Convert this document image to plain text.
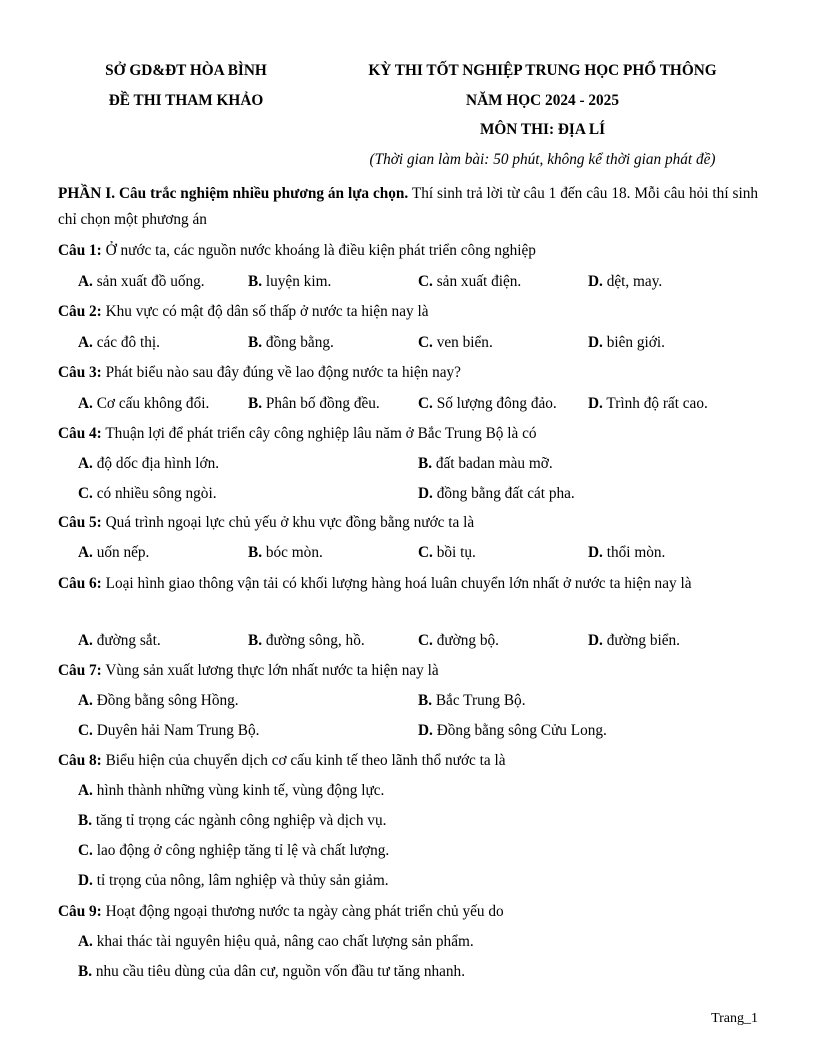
SỞ GD&ĐT HÒA BÌNH
ĐỀ THI THAM KHẢO
KỲ THI TỐT NGHIỆP TRUNG HỌC PHỔ THÔNG
NĂM HỌC 2024 - 2025
MÔN THI: ĐỊA LÍ
(Thời gian làm bài: 50 phút, không kể thời gian phát đề)
PHẦN I. Câu trắc nghiệm nhiều phương án lựa chọn. Thí sinh trả lời từ câu 1 đến câu 18. Mỗi câu hỏi thí sinh chỉ chọn một phương án
Câu 1: Ở nước ta, các nguồn nước khoáng là điều kiện phát triển công nghiệp
A. sản xuất đồ uống.	B. luyện kim.	C. sản xuất điện.	D. dệt, may.
Câu 2: Khu vực có mật độ dân số thấp ở nước ta hiện nay là
A. các đô thị.	B. đồng bằng.	C. ven biển.	D. biên giới.
Câu 3: Phát biểu nào sau đây đúng về lao động nước ta hiện nay?
A. Cơ cấu không đổi.	B. Phân bố đồng đều.	C. Số lượng đông đảo. D. Trình độ rất cao.
Câu 4: Thuận lợi để phát triển cây công nghiệp lâu năm ở Bắc Trung Bộ là có
A. độ dốc địa hình lớn.	B. đất badan màu mỡ.
C. có nhiều sông ngòi.	D. đồng bằng đất cát pha.
Câu 5: Quá trình ngoại lực chủ yếu ở khu vực đồng bằng nước ta là
A. uốn nếp.	B. bóc mòn.	C. bồi tụ.	D. thổi mòn.
Câu 6: Loại hình giao thông vận tải có khối lượng hàng hoá luân chuyển lớn nhất ở nước ta hiện nay là
A. đường sắt.	B. đường sông, hồ.	C. đường bộ.	D. đường biển.
Câu 7: Vùng sản xuất lương thực lớn nhất nước ta hiện nay là
A. Đồng bằng sông Hồng.	B. Bắc Trung Bộ.
C. Duyên hải Nam Trung Bộ.	D. Đồng bằng sông Cửu Long.
Câu 8: Biểu hiện của chuyển dịch cơ cấu kinh tế theo lãnh thổ nước ta là
A. hình thành những vùng kinh tế, vùng động lực.
B. tăng tỉ trọng các ngành công nghiệp và dịch vụ.
C. lao động ở công nghiệp tăng tỉ lệ và chất lượng.
D. tỉ trọng của nông, lâm nghiệp và thủy sản giảm.
Câu 9: Hoạt động ngoại thương nước ta ngày càng phát triển chủ yếu do
A. khai thác tài nguyên hiệu quả, nâng cao chất lượng sản phẩm.
B. nhu cầu tiêu dùng của dân cư, nguồn vốn đầu tư tăng nhanh.
Trang_1
